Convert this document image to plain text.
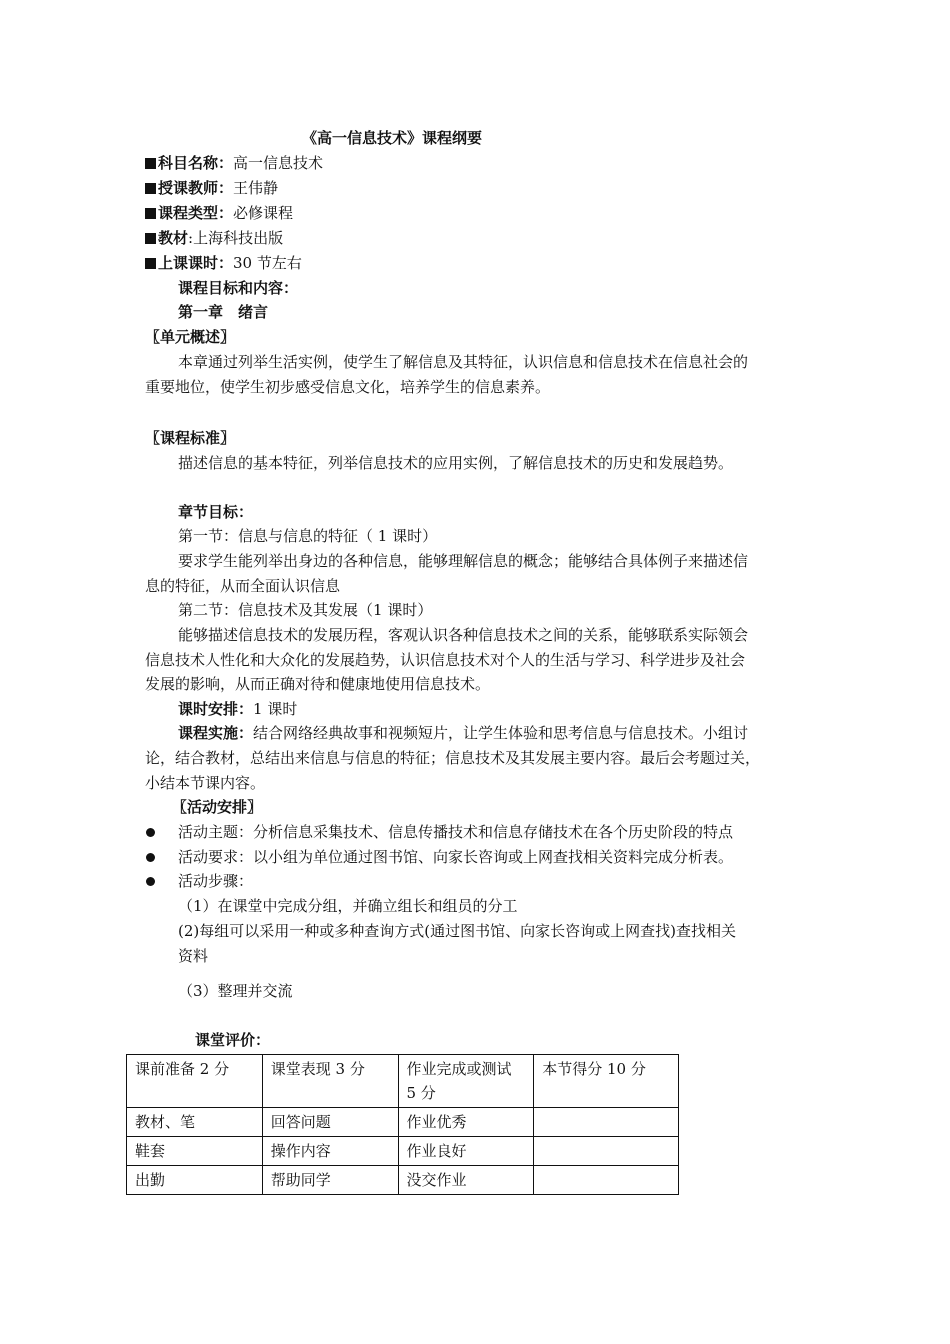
《高一信息技术》课程纲要
科目名称：高一信息技术
授课教师：王伟静
课程类型：必修课程
教材:上海科技出版
上课课时：30 节左右
课程目标和内容：
第一章　绪言
〖单元概述〗
本章通过列举生活实例，使学生了解信息及其特征，认识信息和信息技术在信息社会的
重要地位，使学生初步感受信息文化，培养学生的信息素养。
〖课程标准〗
描述信息的基本特征，列举信息技术的应用实例，了解信息技术的历史和发展趋势。
章节目标：
第一节：信息与信息的特征（ 1 课时）
要求学生能列举出身边的各种信息，能够理解信息的概念；能够结合具体例子来描述信
息的特征，从而全面认识信息
第二节：信息技术及其发展（1 课时）
能够描述信息技术的发展历程，客观认识各种信息技术之间的关系，能够联系实际领会
信息技术人性化和大众化的发展趋势，认识信息技术对个人的生活与学习、科学进步及社会
发展的影响，从而正确对待和健康地使用信息技术。
课时安排：1 课时
课程实施：结合网络经典故事和视频短片，让学生体验和思考信息与信息技术。小组讨
论，结合教材，总结出来信息与信息的特征；信息技术及其发展主要内容。最后会考题过关，
小结本节课内容。
〖活动安排〗
活动主题：分析信息采集技术、信息传播技术和信息存储技术在各个历史阶段的特点
活动要求：以小组为单位通过图书馆、向家长咨询或上网查找相关资料完成分析表。
活动步骤：
（1）在课堂中完成分组，并确立组长和组员的分工
(2)每组可以采用一种或多种查询方式(通过图书馆、向家长咨询或上网查找)查找相关
资料
（3）整理并交流
课堂评价：
课前准备 2 分	课堂表现 3 分	作业完成或测试 5 分	本节得分 10 分
教材、笔	回答问题	作业优秀	
鞋套	操作内容	作业良好	
出勤	帮助同学	没交作业	
